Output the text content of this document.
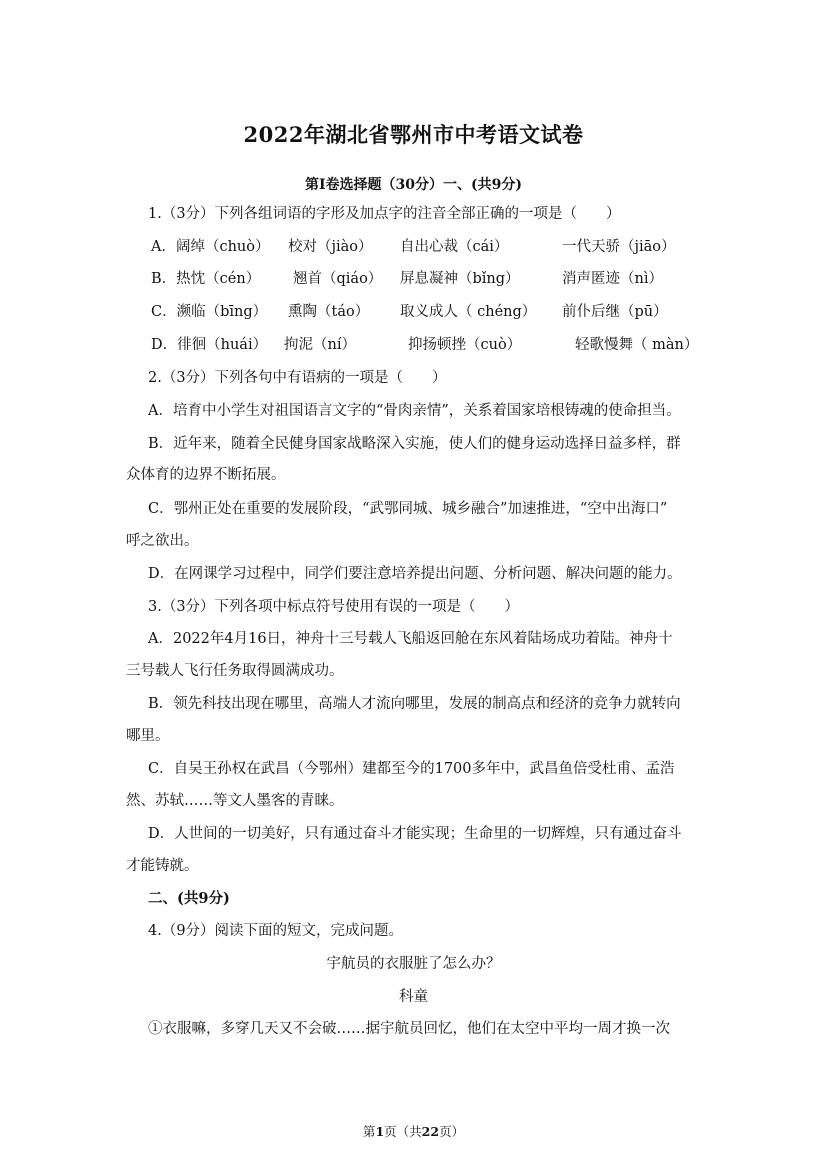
2022年湖北省鄂州市中考语文试卷
第Ⅰ卷选择题（30分）一、(共9分)
1.（3分）下列各组词语的字形及加点字的注音全部正确的一项是（　　）
A．阔绰（chuò） 校对（jiào） 自出心裁（cái）	一代天骄（jiāo）
B．热忱（cén） 翘首（qiáo） 屏息凝神（bǐng）	消声匿迹（nì）
C．濒临（bīng） 熏陶（táo） 取义成人（ chéng） 前仆后继（pū）
D．徘徊（huái） 拘泥（ní）	抑扬顿挫（cuò）	轻歌慢舞（ màn）
2.（3分）下列各句中有语病的一项是（　　）
A．培育中小学生对祖国语言文字的“骨肉亲情”，关系着国家培根铸魂的使命担当。
B．近年来，随着全民健身国家战略深入实施，使人们的健身运动选择日益多样，群
众体育的边界不断拓展。
C．鄂州正处在重要的发展阶段，“武鄂同城、城乡融合”加速推进，“空中出海口”
呼之欲出。
D．在网课学习过程中，同学们要注意培养提出问题、分析问题、解决问题的能力。
3.（3分）下列各项中标点符号使用有误的一项是（　　）
A．2022年4月16日，神舟十三号载人飞船返回舱在东风着陆场成功着陆。神舟十
三号载人飞行任务取得圆满成功。
B．领先科技出现在哪里，高端人才流向哪里，发展的制高点和经济的竞争力就转向
哪里。
C．自吴王孙权在武昌（今鄂州）建都至今的1700多年中，武昌鱼倍受杜甫、孟浩
然、苏轼……等文人墨客的青睐。
D．人世间的一切美好，只有通过奋斗才能实现；生命里的一切辉煌，只有通过奋斗
才能铸就。
二、(共9分)
4.（9分）阅读下面的短文，完成问题。
宇航员的衣服脏了怎么办？
科童
①衣服嘛，多穿几天又不会破……据宇航员回忆，他们在太空中平均一周才换一次
第1页（共22页）
